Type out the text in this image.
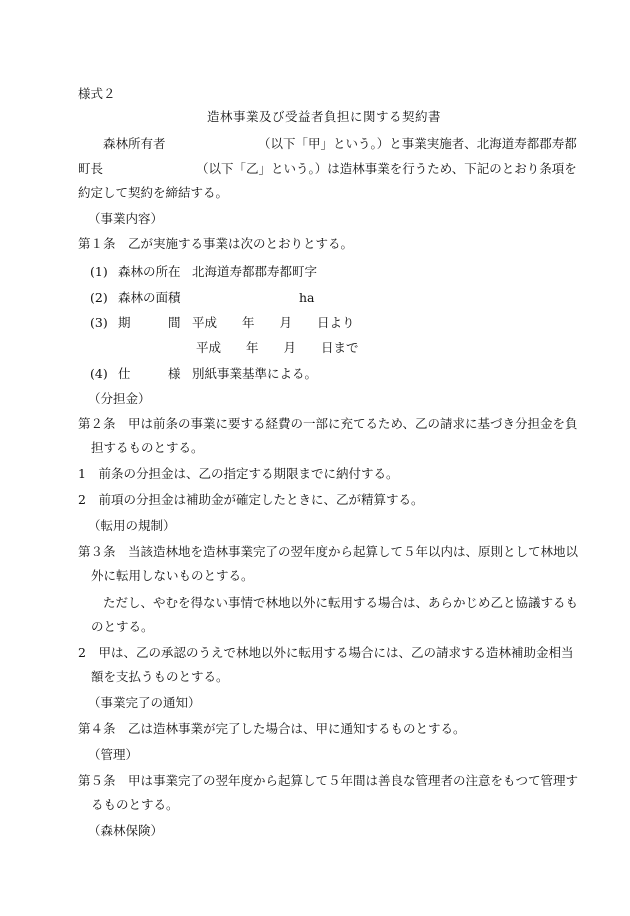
様式２
造林事業及び受益者負担に関する契約書
森林所有者	（以下「甲」という。）と事業実施者、北海道寿都郡寿都
町長	（以下「乙」という。）は造林事業を行うため、下記のとおり条項を
約定して契約を締結する。
（事業内容）
第１条　乙が実施する事業は次のとおりとする。
(1) 森林の所在 北海道寿都郡寿都町字
(2) 森林の面積	ha
(3) 期	間 平成　　年　　月　　日より
平成　　年　　月　　日まで
(4) 仕	様 別紙事業基準による。
（分担金）
第２条　甲は前条の事業に要する経費の一部に充てるため、乙の請求に基づき分担金を負
担するものとする。
1　前条の分担金は、乙の指定する期限までに納付する。
2　前項の分担金は補助金が確定したときに、乙が精算する。
（転用の規制）
第３条　当該造林地を造林事業完了の翌年度から起算して５年以内は、原則として林地以
外に転用しないものとする。
ただし、やむを得ない事情で林地以外に転用する場合は、あらかじめ乙と協議するも
のとする。
2　甲は、乙の承認のうえで林地以外に転用する場合には、乙の請求する造林補助金相当
額を支払うものとする。
（事業完了の通知）
第４条　乙は造林事業が完了した場合は、甲に通知するものとする。
（管理）
第５条　甲は事業完了の翌年度から起算して５年間は善良な管理者の注意をもつて管理す
るものとする。
（森林保険）
